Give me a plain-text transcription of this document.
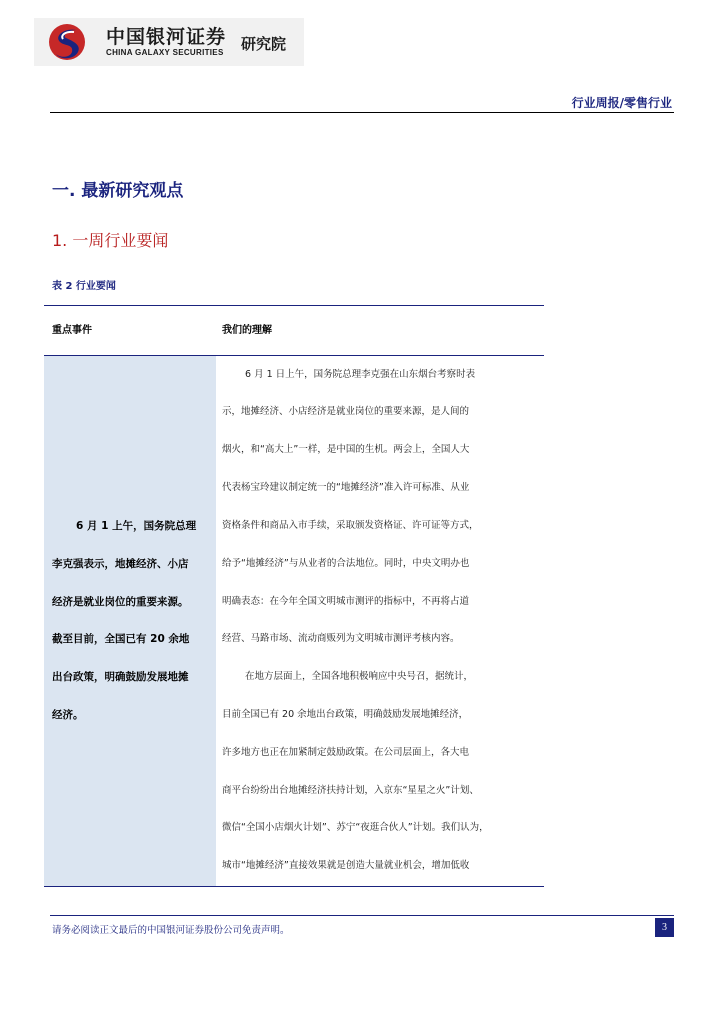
中国银河证券
CHINA GALAXY SECURITIES 研究院
行业周报/零售行业
一. 最新研究观点
1. 一周行业要闻
表 2 行业要闻
重点事件	我们的理解
6 月 1 上午，国务院总理
李克强表示，地摊经济、小店
经济是就业岗位的重要来源。
截至目前，全国已有 20 余地
出台政策，明确鼓励发展地摊
经济。
6 月 1 日上午，国务院总理李克强在山东烟台考察时表
示，地摊经济、小店经济是就业岗位的重要来源，是人间的
烟火，和“高大上”一样，是中国的生机。两会上，全国人大
代表杨宝玲建议制定统一的“地摊经济”准入许可标准、从业
资格条件和商品入市手续，采取颁发资格证、许可证等方式，
给予“地摊经济”与从业者的合法地位。同时，中央文明办也
明确表态：在今年全国文明城市测评的指标中，不再将占道
经营、马路市场、流动商贩列为文明城市测评考核内容。
在地方层面上，全国各地积极响应中央号召，据统计，
目前全国已有 20 余地出台政策，明确鼓励发展地摊经济，
许多地方也正在加紧制定鼓励政策。在公司层面上，各大电
商平台纷纷出台地摊经济扶持计划，入京东“星星之火”计划、
微信“全国小店烟火计划”、苏宁“夜逛合伙人”计划。我们认为，
城市“地摊经济”直接效果就是创造大量就业机会，增加低收
请务必阅读正文最后的中国银河证券股份公司免责声明。	3
